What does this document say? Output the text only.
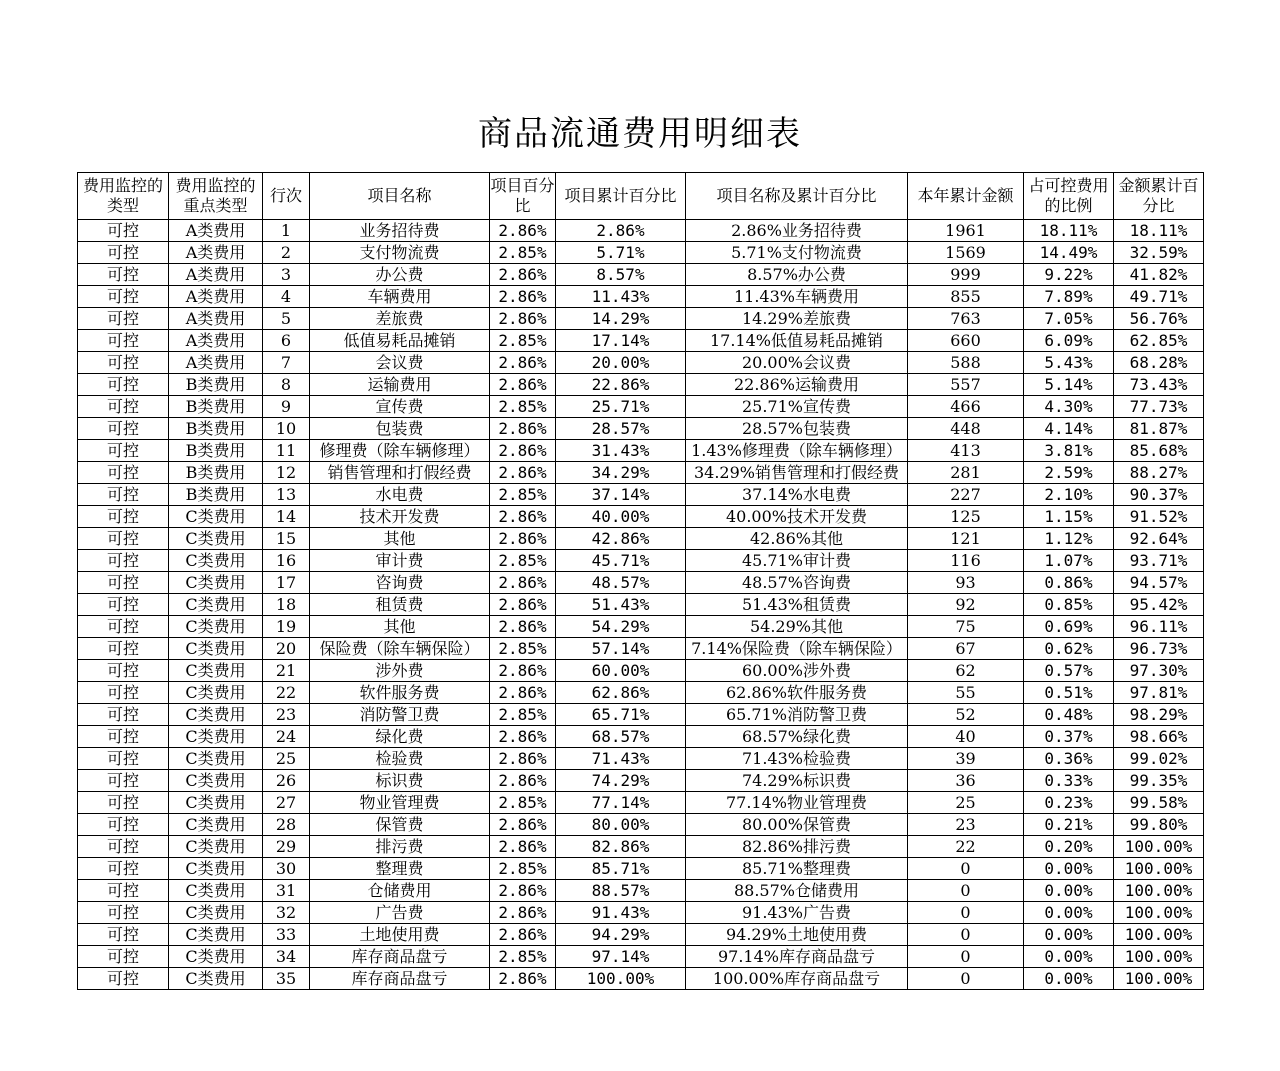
商品流通费用明细表
费用监控的类型	费用监控的重点类型	行次	项目名称	项目百分比	项目累计百分比	项目名称及累计百分比	本年累计金额	占可控费用的比例	金额累计百分比
可控	A类费用	1	业务招待费	2.86%	2.86%	2.86%业务招待费	1961	18.11%	18.11%
可控	A类费用	2	支付物流费	2.85%	5.71%	5.71%支付物流费	1569	14.49%	32.59%
可控	A类费用	3	办公费	2.86%	8.57%	8.57%办公费	999	9.22%	41.82%
可控	A类费用	4	车辆费用	2.86%	11.43%	11.43%车辆费用	855	7.89%	49.71%
可控	A类费用	5	差旅费	2.86%	14.29%	14.29%差旅费	763	7.05%	56.76%
可控	A类费用	6	低值易耗品摊销	2.85%	17.14%	17.14%低值易耗品摊销	660	6.09%	62.85%
可控	A类费用	7	会议费	2.86%	20.00%	20.00%会议费	588	5.43%	68.28%
可控	B类费用	8	运输费用	2.86%	22.86%	22.86%运输费用	557	5.14%	73.43%
可控	B类费用	9	宣传费	2.85%	25.71%	25.71%宣传费	466	4.30%	77.73%
可控	B类费用	10	包装费	2.86%	28.57%	28.57%包装费	448	4.14%	81.87%
可控	B类费用	11	修理费（除车辆修理）	2.86%	31.43%	1.43%修理费（除车辆修理）	413	3.81%	85.68%
可控	B类费用	12	销售管理和打假经费	2.86%	34.29%	34.29%销售管理和打假经费	281	2.59%	88.27%
可控	B类费用	13	水电费	2.85%	37.14%	37.14%水电费	227	2.10%	90.37%
可控	C类费用	14	技术开发费	2.86%	40.00%	40.00%技术开发费	125	1.15%	91.52%
可控	C类费用	15	其他	2.86%	42.86%	42.86%其他	121	1.12%	92.64%
可控	C类费用	16	审计费	2.85%	45.71%	45.71%审计费	116	1.07%	93.71%
可控	C类费用	17	咨询费	2.86%	48.57%	48.57%咨询费	93	0.86%	94.57%
可控	C类费用	18	租赁费	2.86%	51.43%	51.43%租赁费	92	0.85%	95.42%
可控	C类费用	19	其他	2.86%	54.29%	54.29%其他	75	0.69%	96.11%
可控	C类费用	20	保险费（除车辆保险）	2.85%	57.14%	7.14%保险费（除车辆保险）	67	0.62%	96.73%
可控	C类费用	21	涉外费	2.86%	60.00%	60.00%涉外费	62	0.57%	97.30%
可控	C类费用	22	软件服务费	2.86%	62.86%	62.86%软件服务费	55	0.51%	97.81%
可控	C类费用	23	消防警卫费	2.85%	65.71%	65.71%消防警卫费	52	0.48%	98.29%
可控	C类费用	24	绿化费	2.86%	68.57%	68.57%绿化费	40	0.37%	98.66%
可控	C类费用	25	检验费	2.86%	71.43%	71.43%检验费	39	0.36%	99.02%
可控	C类费用	26	标识费	2.86%	74.29%	74.29%标识费	36	0.33%	99.35%
可控	C类费用	27	物业管理费	2.85%	77.14%	77.14%物业管理费	25	0.23%	99.58%
可控	C类费用	28	保管费	2.86%	80.00%	80.00%保管费	23	0.21%	99.80%
可控	C类费用	29	排污费	2.86%	82.86%	82.86%排污费	22	0.20%	100.00%
可控	C类费用	30	整理费	2.85%	85.71%	85.71%整理费	0	0.00%	100.00%
可控	C类费用	31	仓储费用	2.86%	88.57%	88.57%仓储费用	0	0.00%	100.00%
可控	C类费用	32	广告费	2.86%	91.43%	91.43%广告费	0	0.00%	100.00%
可控	C类费用	33	土地使用费	2.86%	94.29%	94.29%土地使用费	0	0.00%	100.00%
可控	C类费用	34	库存商品盘亏	2.85%	97.14%	97.14%库存商品盘亏	0	0.00%	100.00%
可控	C类费用	35	库存商品盘亏	2.86%	100.00%	100.00%库存商品盘亏	0	0.00%	100.00%
